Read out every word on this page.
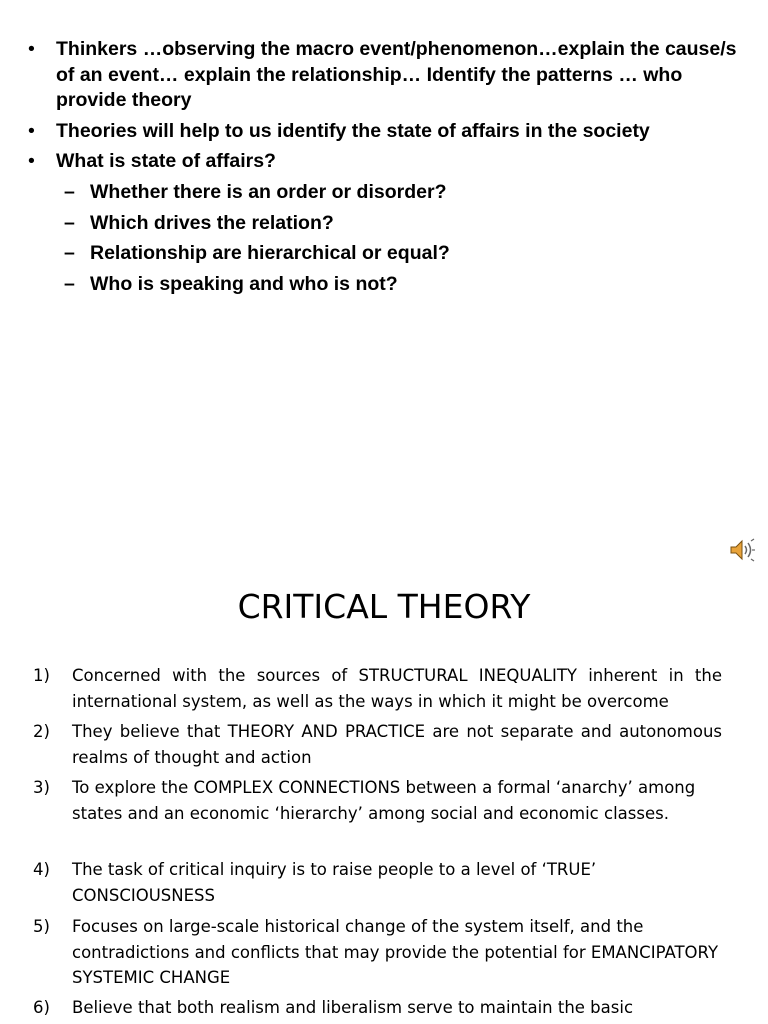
• Thinkers …observing the macro event/phenomenon…explain the cause/s of an event… explain the relationship… Identify the patterns … who provide theory
• Theories will help to us identify the state of affairs in the society
• What is state of affairs?
– Whether there is an order or disorder?
– Which drives the relation?
– Relationship are hierarchical or equal?
– Who is speaking and who is not?
CRITICAL THEORY
1) Concerned with the sources of STRUCTURAL INEQUALITY inherent in the international system, as well as the ways in which it might be overcome
2) They believe that THEORY AND PRACTICE are not separate and autonomous realms of thought and action
3) To explore the COMPLEX CONNECTIONS between a formal ‘anarchy’ among states and an economic ‘hierarchy’ among social and economic classes.
4) The task of critical inquiry is to raise people to a level of ‘TRUE’ CONSCIOUSNESS
5) Focuses on large-scale historical change of the system itself, and the contradictions and conflicts that may provide the potential for EMANCIPATORY SYSTEMIC CHANGE
6) Believe that both realism and liberalism serve to maintain the basic
